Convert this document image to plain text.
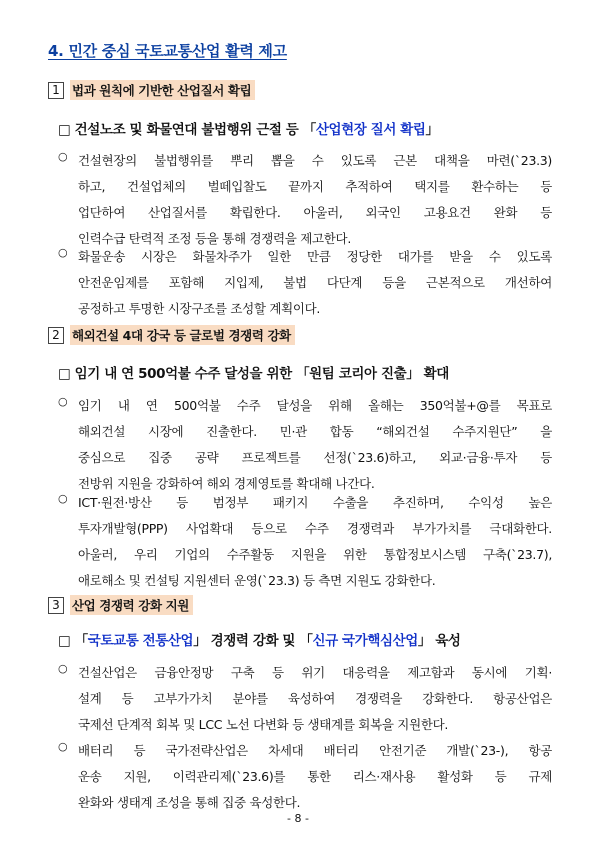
4. 민간 중심 국토교통산업 활력 제고
1 법과 원칙에 기반한 산업질서 확립
□ 건설노조 및 화물연대 불법행위 근절 등 「산업현장 질서 확립」
○ 건설현장의 불법행위를 뿌리 뽑을 수 있도록 근본 대책을 마련(`23.3)
하고, 건설업체의 벌떼입찰도 끝까지 추적하여 택지를 환수하는 등
업단하여 산업질서를 확립한다. 아울러, 외국인 고용요건 완화 등
인력수급 탄력적 조정 등을 통해 경쟁력을 제고한다.
○ 화물운송 시장은 화물차주가 일한 만큼 정당한 대가를 받을 수 있도록
안전운임제를 포함해 지입제, 불법 다단계 등을 근본적으로 개선하여
공정하고 투명한 시장구조를 조성할 계획이다.
2 해외건설 4대 강국 등 글로벌 경쟁력 강화
□ 임기 내 연 500억불 수주 달성을 위한 「원팀 코리아 진출」 확대
○ 임기 내 연 500억불 수주 달성을 위해 올해는 350억불+@를 목표로
해외건설 시장에 진출한다. 민·관 합동 “해외건설 수주지원단” 을
중심으로 집중 공략 프로젝트를 선정(`23.6)하고, 외교·금융·투자 등
전방위 지원을 강화하여 해외 경제영토를 확대해 나간다.
○ ICT·원전·방산 등 범정부 패키지 수출을 추진하며, 수익성 높은
투자개발형(PPP) 사업확대 등으로 수주 경쟁력과 부가가치를 극대화한다.
아울러, 우리 기업의 수주활동 지원을 위한 통합정보시스템 구축(`23.7),
애로해소 및 컨설팅 지원센터 운영(`23.3) 등 측면 지원도 강화한다.
3 산업 경쟁력 강화 지원
□ 「국토교통 전통산업」 경쟁력 강화 및 「신규 국가핵심산업」 육성
○ 건설산업은 금융안정망 구축 등 위기 대응력을 제고함과 동시에 기획·
설계 등 고부가가치 분야를 육성하여 경쟁력을 강화한다. 항공산업은
국제선 단계적 회복 및 LCC 노선 다변화 등 생태계를 회복을 지원한다.
○ 배터리 등 국가전략산업은 차세대 배터리 안전기준 개발(`23-), 항공
운송 지원, 이력관리제(`23.6)를 통한 리스·재사용 활성화 등 규제
완화와 생태계 조성을 통해 집중 육성한다.
- 8 -
